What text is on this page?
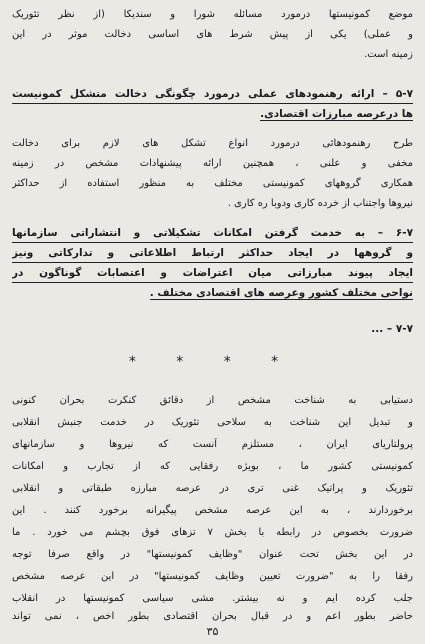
موضع کمونیستها درمورد مسائله شورا و سندیکا (از نظر تئوریک
و عملی) یکی از پیش شرط های اساسی دخالت موثر در این
زمینه است.
۵-۷ – ارائه رهنمودهای عملی درمورد چگونگی دخالت متشکل کمونیست
ها درعرصه مبارزات اقتصادی.
طرح رهنمودهائی درمورد انواع تشکل های لازم برای دخالت
مخفی و علنی ، همچنین ارائه پیشنهادات مشخص در زمینه
همکاری گروههای کمونیستی مختلف به منظور استفاده از حداکثر
نیروها واجتناب از خرده کاری ودوبا ره کاری .
۶-۷ – به خدمت گرفتن امکانات تشکیلاتی و انتشاراتی سازمانها
و گروهها در ایجاد حداکثر ارتباط اطلاعاتی و تدارکاتی ونیز
ایجاد پیوند مبارزاتی میان اعتراضات و اعتصابات گوناگون در
نواحی مختلف کشور وعرصه های اقتصادی مختلف .
۷-۷ – ...
* * * *
دستیابی به شناخت مشخص از دقائق کنکرت بحران کنونی
و تبدیل این شناخت به سلاحی تئوریک در خدمت جنبش انقلابی
پرولتاریای ایران ، مستلزم آنست که نیروها و سازمانهای
کمونیستی کشور ما ، بویژه رفقایی که از تجارب و امکانات
تئوریک و پراتیک غنی تری در عرصه مبارزه طبقاتی و انقلابی
برخوردارند ، به این عرصه مشخص پیگیرانه برخورد کنند . این
ضرورت بخصوص در رابطه با بخش ۷ تزهای فوق بچشم می خورد . ما
در این بخش تحت عنوان "وظایف کمونیستها" در واقع صرفا توجه
رفقا را به "ضرورت تعیین وظایف کمونیستها" در این عرصه مشخص
جلب کرده ایم و نه بیشتر. مشی سیاسی کمونیستها در انقلاب
حاضر بطور اعم و در قبال بحران اقتصادی بطور اخص ، نمی تواند
۳۵
